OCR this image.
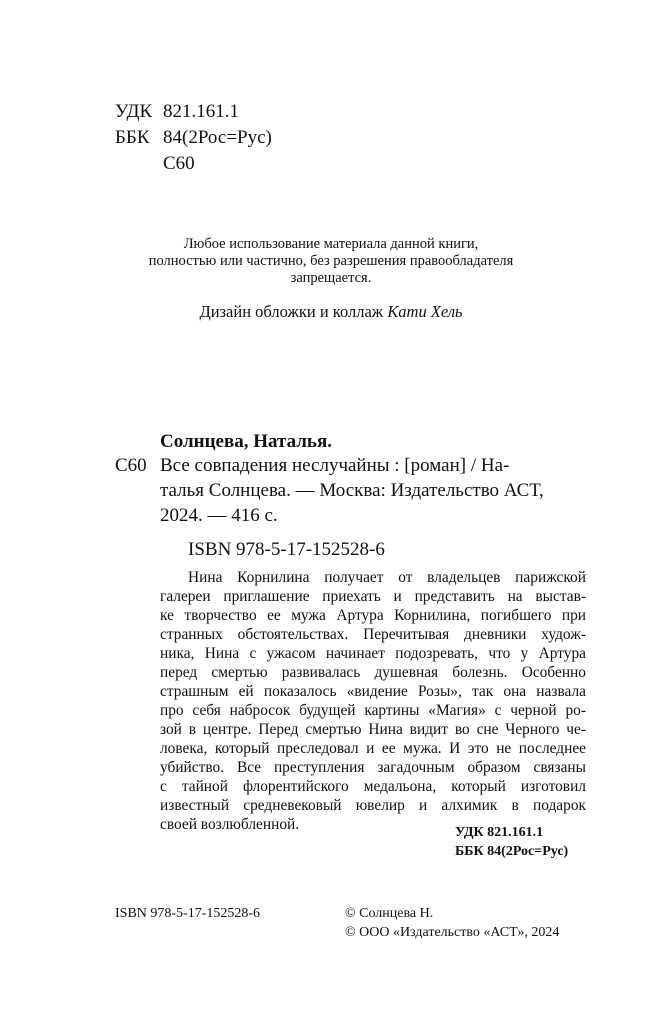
УДК 821.161.1
ББК 84(2Рос=Рус)
С60
Любое использование материала данной книги,
полностью или частично, без разрешения правообладателя
запрещается.
Дизайн обложки и коллаж Кати Хель
Солнцева, Наталья.
С60 Все совпадения неслучайны : [роман] / На-
талья Солнцева. — Москва: Издательство АСТ,
2024. — 416 с.
ISBN 978-5-17-152528-6
Нина Корнилина получает от владельцев парижской
галереи приглашение приехать и представить на выстав-
ке творчество ее мужа Артура Корнилина, погибшего при
странных обстоятельствах. Перечитывая дневники худож-
ника, Нина с ужасом начинает подозревать, что у Артура
перед смертью развивалась душевная болезнь. Особенно
страшным ей показалось «видение Розы», так она назвала
про себя набросок будущей картины «Магия» с черной ро-
зой в центре. Перед смертью Нина видит во сне Черного че-
ловека, который преследовал и ее мужа. И это не последнее
убийство. Все преступления загадочным образом связаны
с тайной флорентийского медальона, который изготовил
известный средневековый ювелир и алхимик в подарок
своей возлюбленной.	УДК 821.161.1
ББК 84(2Рос=Рус)
ISBN 978-5-17-152528-6	© Солнцева Н.
© ООО «Издательство «АСТ», 2024
